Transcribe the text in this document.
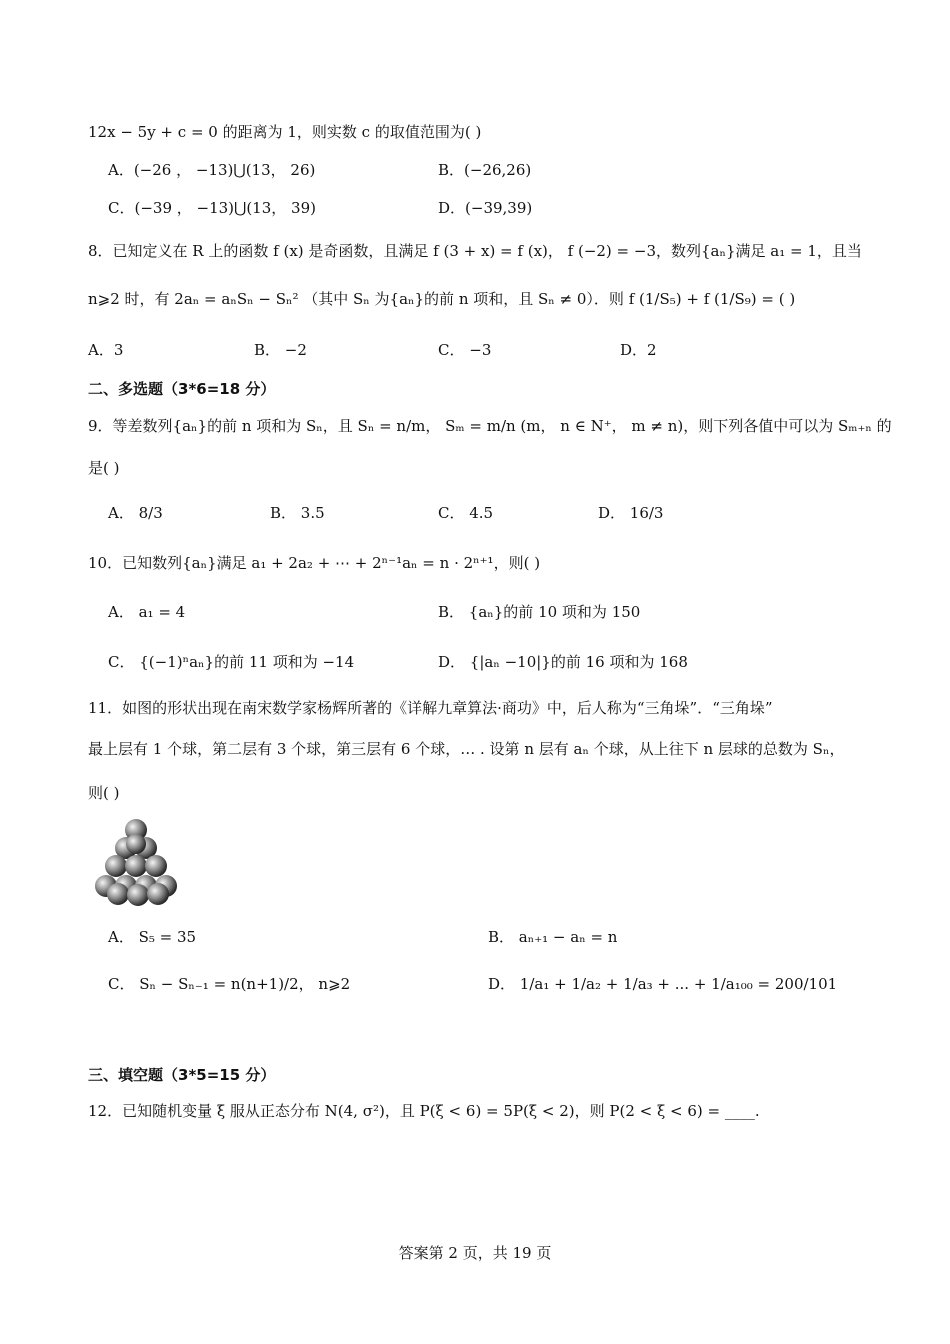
12x − 5y + c = 0 的距离为 1，则实数 c 的取值范围为( )
A．(−26 ， −13)⋃(13， 26)	B．(−26,26)
C．(−39 ， −13)⋃(13， 39)	D．(−39,39)
8．已知定义在 R 上的函数 f (x) 是奇函数，且满足 f (3 + x) = f (x)， f (−2) = −3，数列{aₙ}满足 a₁ = 1，且当
n⩾2 时，有 2aₙ = aₙSₙ − Sₙ² （其中 Sₙ 为{aₙ}的前 n 项和，且 Sₙ ≠ 0）．则 f (1/S₅) + f (1/S₉) = ( )
A．3	B． −2	C． −3	D．2
二、多选题（3*6=18 分）
9．等差数列{aₙ}的前 n 项和为 Sₙ，且 Sₙ = n/m， Sₘ = m/n (m， n ∈ N⁺， m ≠ n)，则下列各值中可以为 Sₘ₊ₙ 的
是( )
A． 8/3	B． 3.5	C． 4.5	D． 16/3
10．已知数列{aₙ}满足 a₁ + 2a₂ + ⋯ + 2ⁿ⁻¹aₙ = n · 2ⁿ⁺¹，则( )
A． a₁ = 4	B． {aₙ}的前 10 项和为 150
C． {(−1)ⁿaₙ}的前 11 项和为 −14	D． {|aₙ −10|}的前 16 项和为 168
11．如图的形状出现在南宋数学家杨辉所著的《详解九章算法·商功》中，后人称为“三角垛”．“三角垛”
最上层有 1 个球，第二层有 3 个球，第三层有 6 个球，… . 设第 n 层有 aₙ 个球，从上往下 n 层球的总数为 Sₙ，
则( )
A． S₅ = 35	B． aₙ₊₁ − aₙ = n
C． Sₙ − Sₙ₋₁ = n(n+1)/2， n⩾2	D． 1/a₁ + 1/a₂ + 1/a₃ + ... + 1/a₁₀₀ = 200/101
三、填空题（3*5=15 分）
12．已知随机变量 ξ 服从正态分布 N(4, σ²)，且 P(ξ < 6) = 5P(ξ < 2)，则 P(2 < ξ < 6) = ____.
答案第 2 页，共 19 页
